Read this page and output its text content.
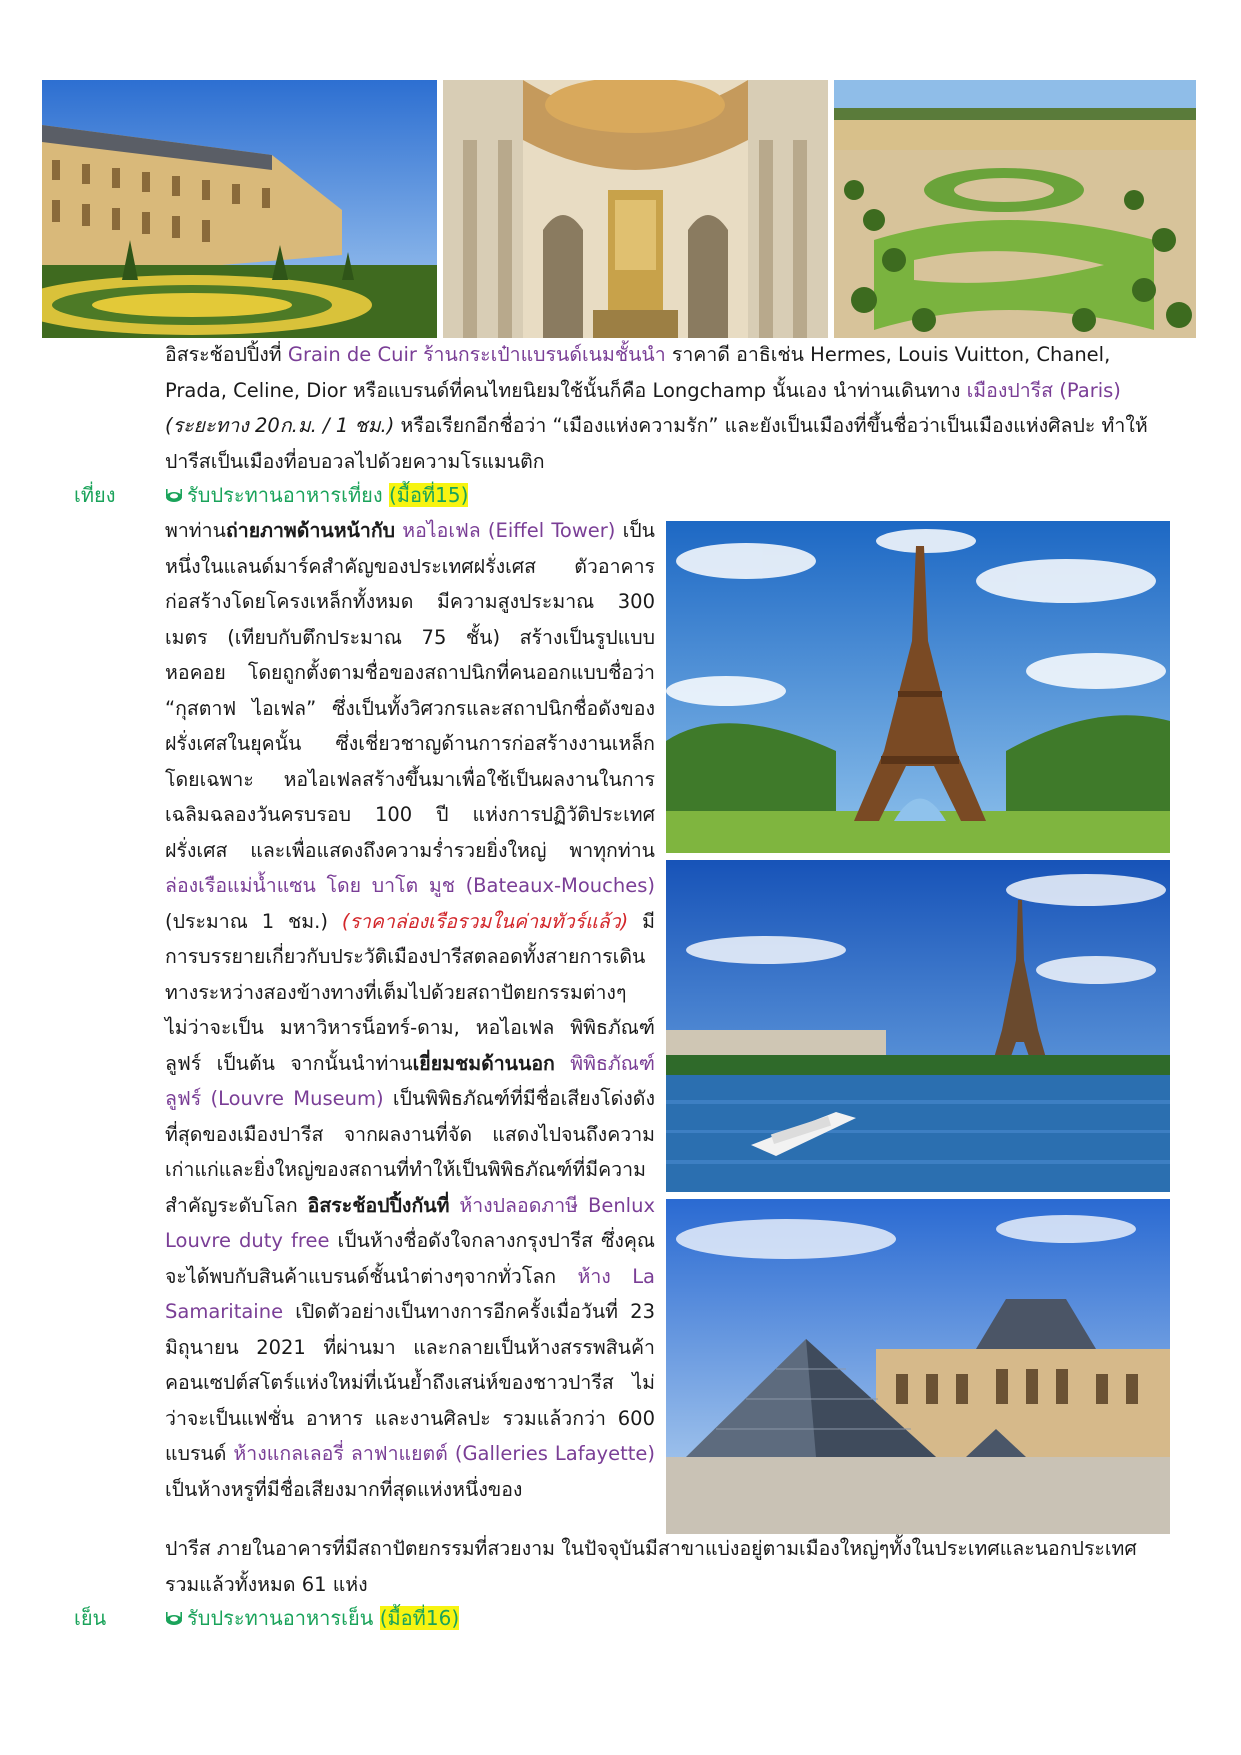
อิสระช้อปปิ้งที่ Grain de Cuir ร้านกระเป๋าแบรนด์เนมชั้นนำ ราคาดี อาธิเช่น Hermes, Louis Vuitton, Chanel, Prada, Celine, Dior หรือแบรนด์ที่คนไทยนิยมใช้นั้นก็คือ Longchamp นั้นเอง นำท่านเดินทาง เมืองปารีส (Paris) (ระยะทาง 20ก.ม. / 1 ชม.) หรือเรียกอีกชื่อว่า “เมืองแห่งความรัก” และยังเป็นเมืองที่ขึ้นชื่อว่าเป็นเมืองแห่งศิลปะ ทำให้ปารีสเป็นเมืองที่อบอวลไปด้วยความโรแมนติก

เที่ยง	รับประทานอาหารเที่ยง (มื้อที่15)

พาท่านถ่ายภาพด้านหน้ากับ หอไอเฟล (Eiffel Tower) เป็นหนึ่งในแลนด์มาร์คสำคัญของประเทศฝรั่งเศส ตัวอาคารก่อสร้างโดยโครงเหล็กทั้งหมด มีความสูงประมาณ 300 เมตร (เทียบกับตึกประมาณ 75 ชั้น) สร้างเป็นรูปแบบหอคอย โดยถูกตั้งตามชื่อของสถาปนิกที่คนออกแบบชื่อว่า “กุสตาฟ ไอเฟล” ซึ่งเป็นทั้งวิศวกรและสถาปนิกชื่อดังของฝรั่งเศสในยุคนั้น ซึ่งเชี่ยวชาญด้านการก่อสร้างงานเหล็กโดยเฉพาะ หอไอเฟลสร้างขึ้นมาเพื่อใช้เป็นผลงานในการเฉลิมฉลองวันครบรอบ 100 ปี แห่งการปฏิวัติประเทศฝรั่งเศส และเพื่อแสดงถึงความร่ำรวยยิ่งใหญ่ พาทุกท่าน ล่องเรือแม่น้ำแซน โดย บาโต มูช (Bateaux-Mouches) (ประมาณ 1 ชม.) (ราคาล่องเรือรวมในค่ามทัวร์แล้ว) มีการบรรยายเกี่ยวกับประวัติเมืองปารีสตลอดทั้งสายการเดินทางระหว่างสองข้างทางที่เต็มไปด้วยสถาปัตยกรรมต่างๆ ไม่ว่าจะเป็น มหาวิหารน็อทร์-ดาม, หอไอเฟล พิพิธภัณฑ์ลูฟร์ เป็นต้น จากนั้นนำท่านเยี่ยมชมด้านนอก พิพิธภัณฑ์ลูฟร์ (Louvre Museum) เป็นพิพิธภัณฑ์ที่มีชื่อเสียงโด่งดังที่สุดของเมืองปารีส จากผลงานที่จัด แสดงไปจนถึงความเก่าแก่และยิ่งใหญ่ของสถานที่ทำให้เป็นพิพิธภัณฑ์ที่มีความสำคัญระดับโลก อิสระช้อปปิ้งกันที่ ห้างปลอดภาษี Benlux Louvre duty free เป็นห้างชื่อดังใจกลางกรุงปารีส ซึ่งคุณจะได้พบกับสินค้าแบรนด์ชั้นนำต่างๆจากทั่วโลก ห้าง La Samaritaine เปิดตัวอย่างเป็นทางการอีกครั้งเมื่อวันที่ 23 มิถุนายน 2021 ที่ผ่านมา และกลายเป็นห้างสรรพสินค้าคอนเซปต์สโตร์แห่งใหม่ที่เน้นย้ำถึงเสน่ห์ของชาวปารีส ไม่ว่าจะเป็นแฟชั่น อาหาร และงานศิลปะ รวมแล้วกว่า 600 แบรนด์ ห้างแกลเลอรี่ ลาฟาแยตต์ (Galleries Lafayette) เป็นห้างหรูที่มีชื่อเสียงมากที่สุดแห่งหนึ่งของ

ปารีส ภายในอาคารที่มีสถาปัตยกรรมที่สวยงาม ในปัจจุบันมีสาขาแบ่งอยู่ตามเมืองใหญ่ๆทั้งในประเทศและนอกประเทศ รวมแล้วทั้งหมด 61 แห่ง

เย็น	รับประทานอาหารเย็น (มื้อที่16)
